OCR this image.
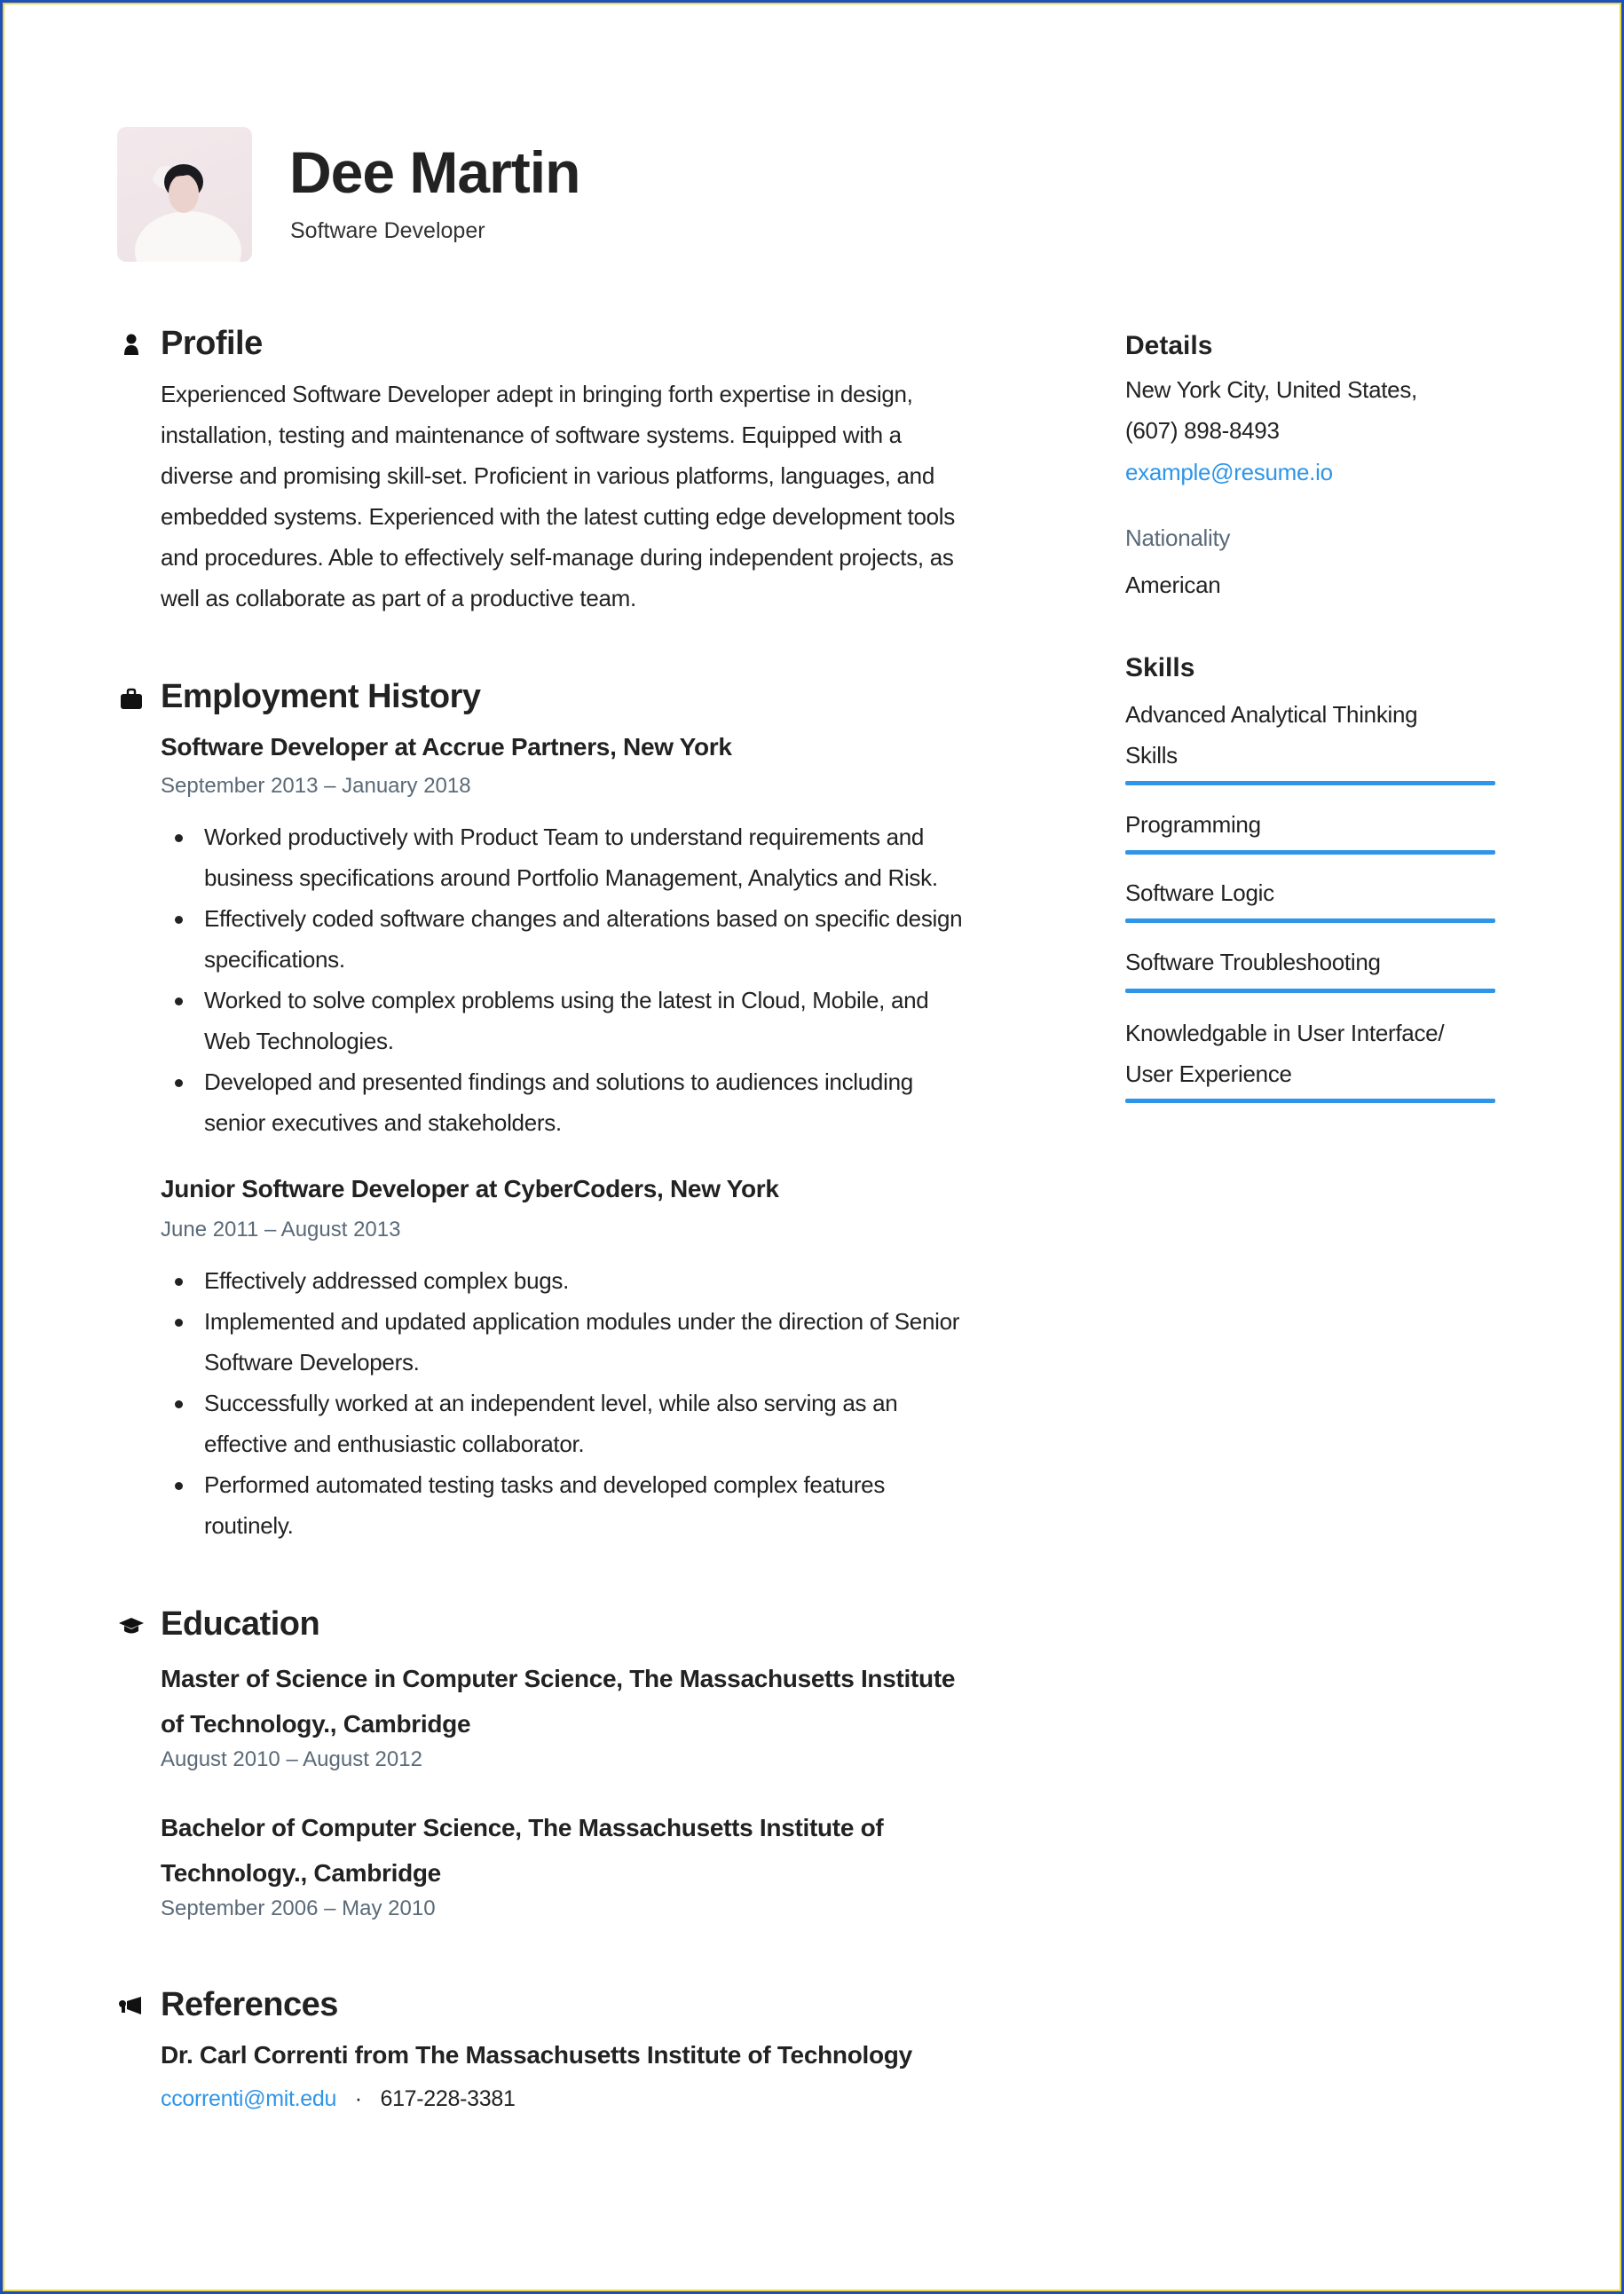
Dee Martin
Software Developer
Profile
Experienced Software Developer adept in bringing forth expertise in design,
installation, testing and maintenance of software systems. Equipped with a
diverse and promising skill-set. Proficient in various platforms, languages, and
embedded systems. Experienced with the latest cutting edge development tools
and procedures. Able to effectively self-manage during independent projects, as
well as collaborate as part of a productive team.
Employment History
Software Developer at Accrue Partners, New York
September 2013 – January 2018
Worked productively with Product Team to understand requirements and
business specifications around Portfolio Management, Analytics and Risk.
Effectively coded software changes and alterations based on specific design
specifications.
Worked to solve complex problems using the latest in Cloud, Mobile, and
Web Technologies.
Developed and presented findings and solutions to audiences including
senior executives and stakeholders.
Junior Software Developer at CyberCoders, New York
June 2011 – August 2013
Effectively addressed complex bugs.
Implemented and updated application modules under the direction of Senior
Software Developers.
Successfully worked at an independent level, while also serving as an
effective and enthusiastic collaborator.
Performed automated testing tasks and developed complex features
routinely.
Education
Master of Science in Computer Science, The Massachusetts Institute
of Technology., Cambridge
August 2010 – August 2012
Bachelor of Computer Science, The Massachusetts Institute of
Technology., Cambridge
September 2006 – May 2010
References
Dr. Carl Correnti from The Massachusetts Institute of Technology
ccorrenti@mit.edu · 617-228-3381
Details
New York City, United States,
(607) 898-8493
example@resume.io
Nationality
American
Skills
Advanced Analytical Thinking
Skills
Programming
Software Logic
Software Troubleshooting
Knowledgable in User Interface/
User Experience
